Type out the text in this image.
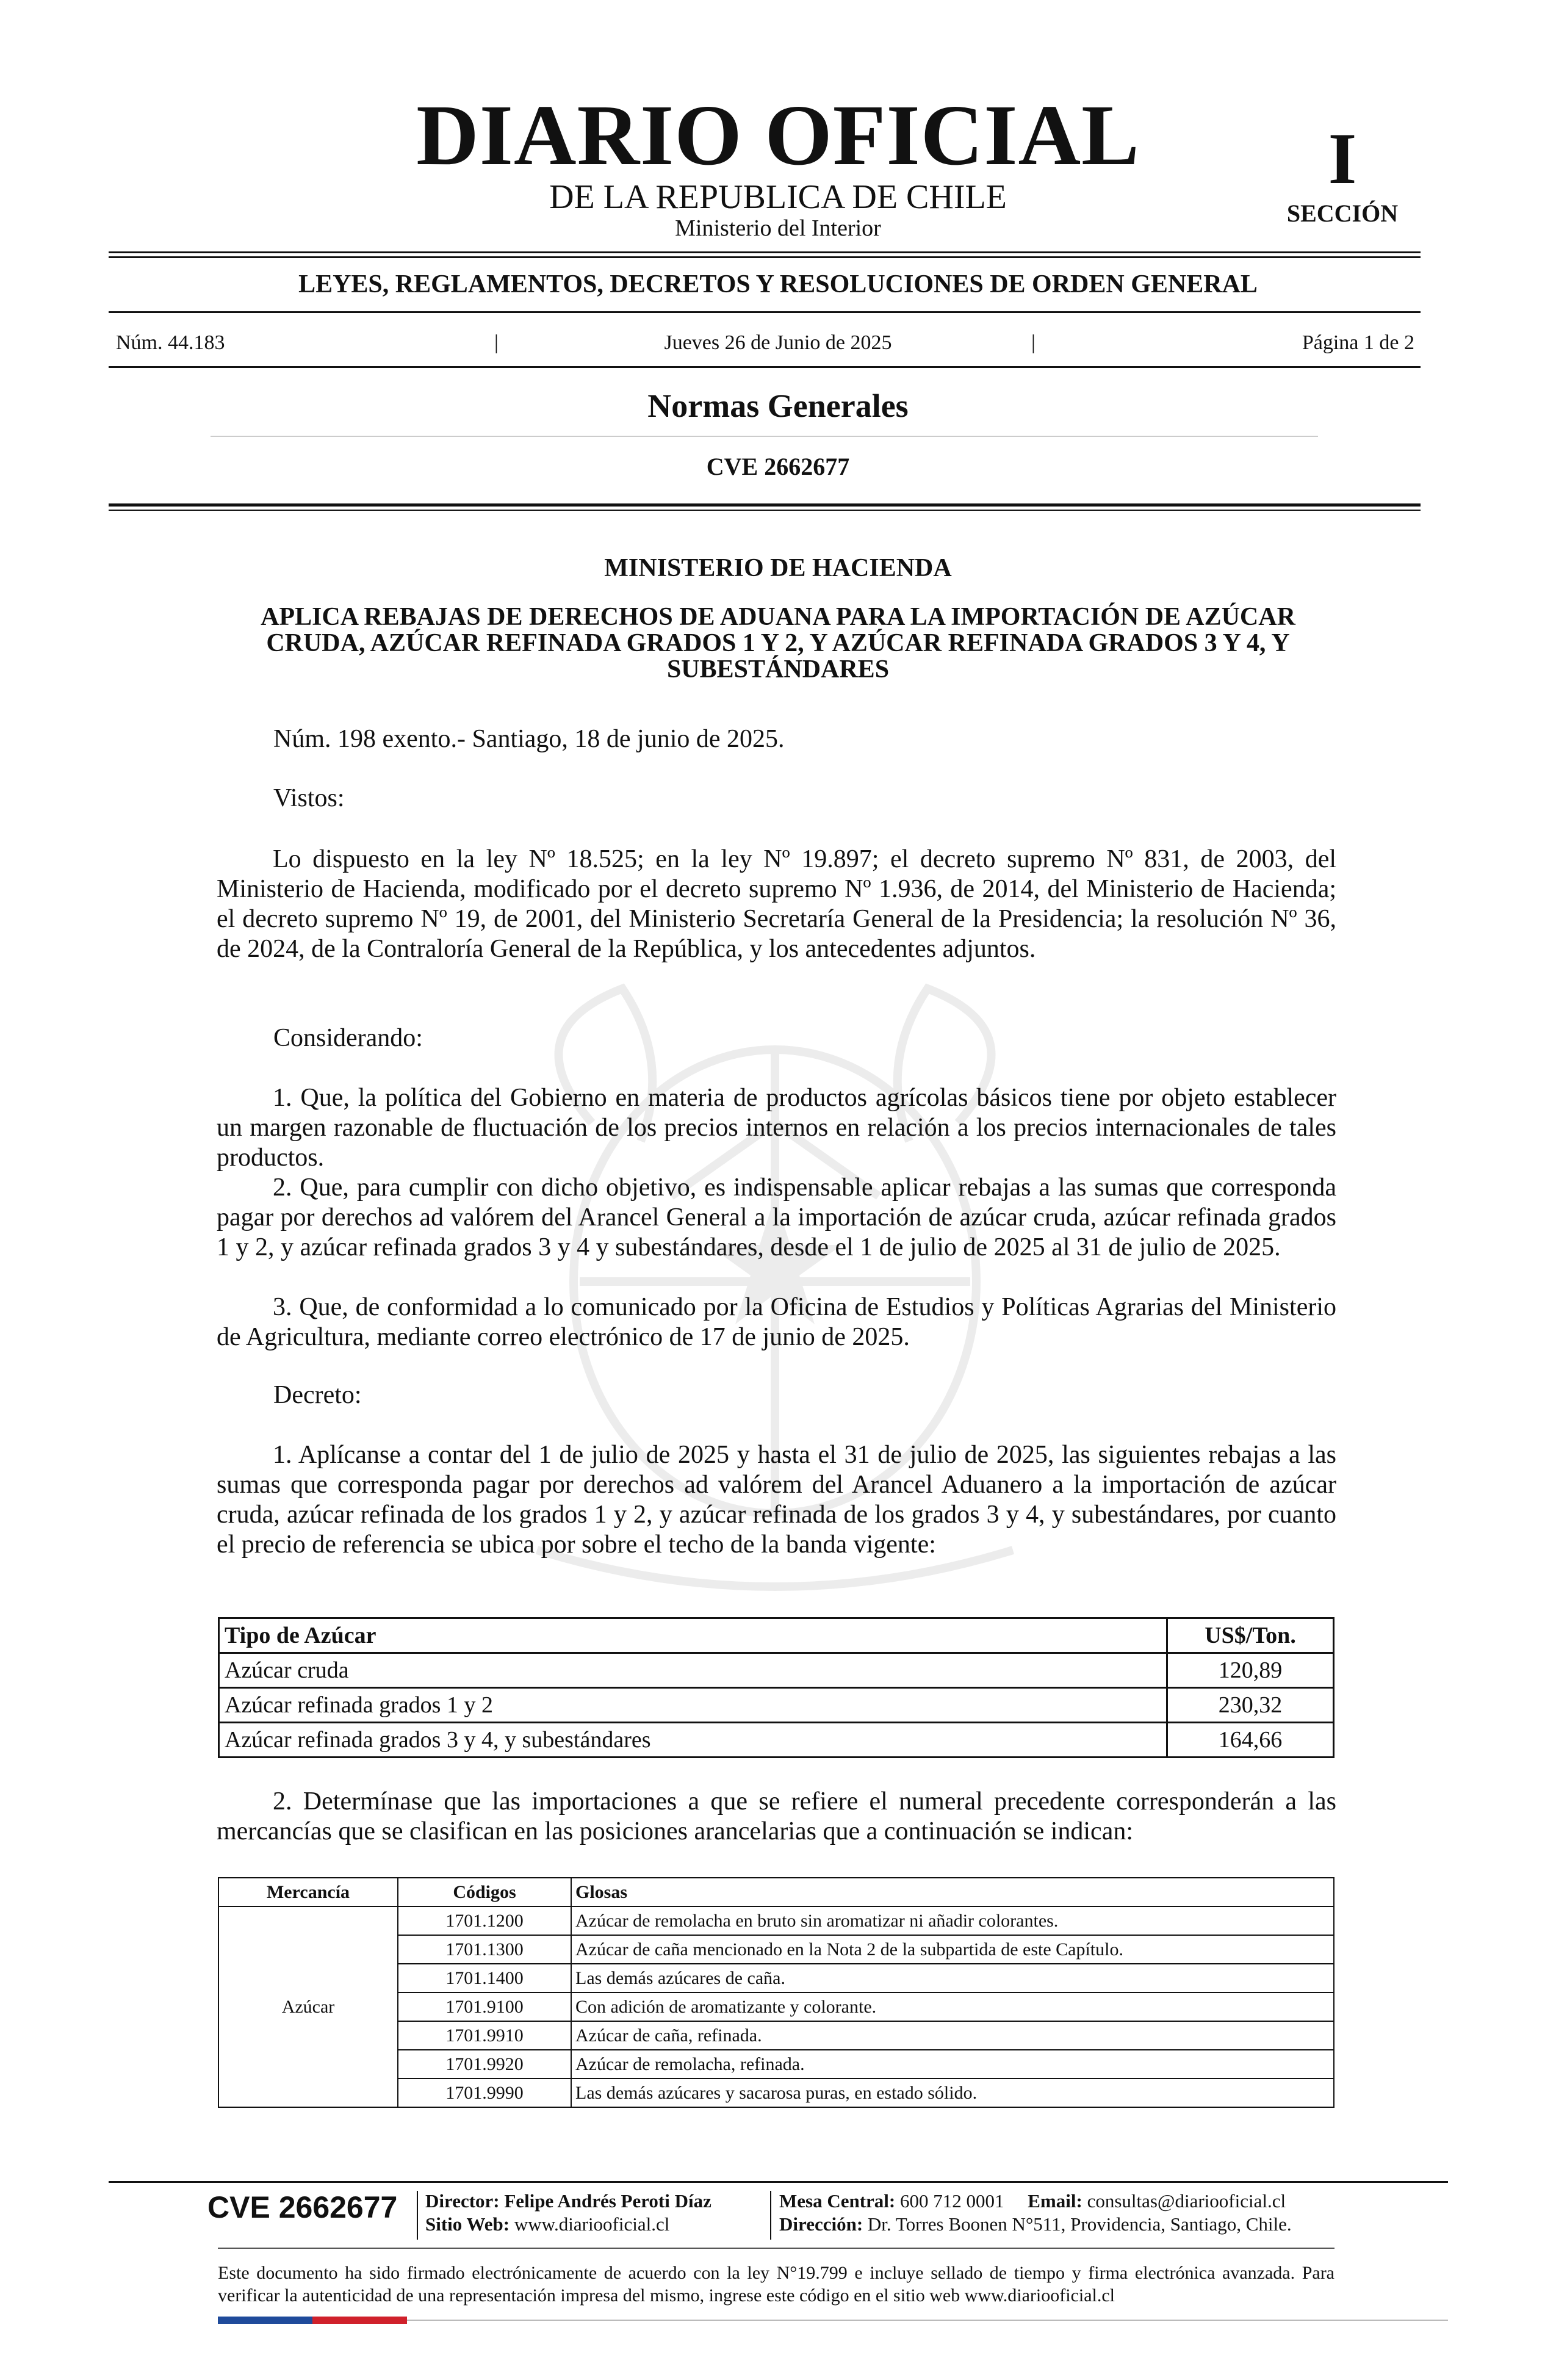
DIARIO OFICIAL
DE LA REPUBLICA DE CHILE
Ministerio del Interior
I
SECCIÓN
LEYES, REGLAMENTOS, DECRETOS Y RESOLUCIONES DE ORDEN GENERAL
Núm. 44.183	|	Jueves 26 de Junio de 2025	|	Página 1 de 2
Normas Generales
CVE 2662677
MINISTERIO DE HACIENDA
APLICA REBAJAS DE DERECHOS DE ADUANA PARA LA IMPORTACIÓN DE AZÚCAR CRUDA, AZÚCAR REFINADA GRADOS 1 Y 2, Y AZÚCAR REFINADA GRADOS 3 Y 4, Y SUBESTÁNDARES
Núm. 198 exento.- Santiago, 18 de junio de 2025.
Vistos:
Lo dispuesto en la ley Nº 18.525; en la ley Nº 19.897; el decreto supremo Nº 831, de 2003, del Ministerio de Hacienda, modificado por el decreto supremo Nº 1.936, de 2014, del Ministerio de Hacienda; el decreto supremo Nº 19, de 2001, del Ministerio Secretaría General de la Presidencia; la resolución Nº 36, de 2024, de la Contraloría General de la República, y los antecedentes adjuntos.
Considerando:
1. Que, la política del Gobierno en materia de productos agrícolas básicos tiene por objeto establecer un margen razonable de fluctuación de los precios internos en relación a los precios internacionales de tales productos.
2. Que, para cumplir con dicho objetivo, es indispensable aplicar rebajas a las sumas que corresponda pagar por derechos ad valórem del Arancel General a la importación de azúcar cruda, azúcar refinada grados 1 y 2, y azúcar refinada grados 3 y 4 y subestándares, desde el 1 de julio de 2025 al 31 de julio de 2025.
3. Que, de conformidad a lo comunicado por la Oficina de Estudios y Políticas Agrarias del Ministerio de Agricultura, mediante correo electrónico de 17 de junio de 2025.
Decreto:
1. Aplícanse a contar del 1 de julio de 2025 y hasta el 31 de julio de 2025, las siguientes rebajas a las sumas que corresponda pagar por derechos ad valórem del Arancel Aduanero a la importación de azúcar cruda, azúcar refinada de los grados 1 y 2, y azúcar refinada de los grados 3 y 4, y subestándares, por cuanto el precio de referencia se ubica por sobre el techo de la banda vigente:
Tipo de Azúcar	US$/Ton.
Azúcar cruda	120,89
Azúcar refinada grados 1 y 2	230,32
Azúcar refinada grados 3 y 4, y subestándares	164,66
2. Determínase que las importaciones a que se refiere el numeral precedente corresponderán a las mercancías que se clasifican en las posiciones arancelarias que a continuación se indican:
Mercancía	Códigos	Glosas
Azúcar	1701.1200	Azúcar de remolacha en bruto sin aromatizar ni añadir colorantes.
	1701.1300	Azúcar de caña mencionado en la Nota 2 de la subpartida de este Capítulo.
	1701.1400	Las demás azúcares de caña.
	1701.9100	Con adición de aromatizante y colorante.
	1701.9910	Azúcar de caña, refinada.
	1701.9920	Azúcar de remolacha, refinada.
	1701.9990	Las demás azúcares y sacarosa puras, en estado sólido.
CVE 2662677 Director: Felipe Andrés Peroti Díaz
Sitio Web: www.diariooficial.cl
Mesa Central: 600 712 0001 Email: consultas@diariooficial.cl
Dirección: Dr. Torres Boonen N°511, Providencia, Santiago, Chile.
Este documento ha sido firmado electrónicamente de acuerdo con la ley N°19.799 e incluye sellado de tiempo y firma electrónica avanzada. Para verificar la autenticidad de una representación impresa del mismo, ingrese este código en el sitio web www.diariooficial.cl
